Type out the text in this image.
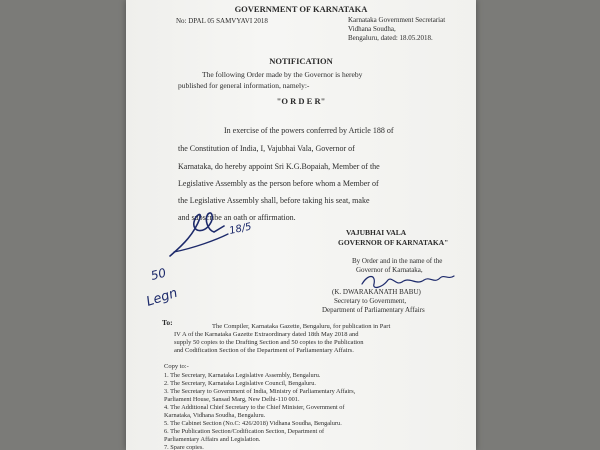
GOVERNMENT OF KARNATAKA
No: DPAL 05 SAMVYAVI 2018	Karnataka Government Secretariat
Vidhana Soudha,
Bengaluru, dated: 18.05.2018.
NOTIFICATION
The following Order made by the Governor is hereby
published for general information, namely:-
"O R D E R"
In exercise of the powers conferred by Article 188 of
the Constitution of India, I, Vajubhai Vala, Governor of
Karnataka, do hereby appoint Sri K.G.Bopaiah, Member of the
Legislative Assembly as the person before whom a Member of
the Legislative Assembly shall, before taking his seat, make
and subscribe an oath or affirmation.
VAJUBHAI VALA
GOVERNOR OF KARNATAKA"
By Order and in the name of the
Governor of Karnataka,
(K. DWARAKANATH BABU)
Secretary to Government,
Department of Parliamentary Affairs
To:	The Compiler, Karnataka Gazette, Bengaluru, for publication in Part
IV A of the Karnataka Gazette Extraordinary dated 18th May 2018 and
supply 50 copies to the Drafting Section and 50 copies to the Publication
and Codification Section of the Department of Parliamentary Affairs.
Copy to:-
1. The Secretary, Karnataka Legislative Assembly, Bengaluru.
2. The Secretary, Karnataka Legislative Council, Bengaluru.
3. The Secretary to Government of India, Ministry of Parliamentary Affairs,
Parliament House, Sansad Marg, New Delhi-110 001.
4. The Additional Chief Secretary to the Chief Minister, Government of
Karnataka, Vidhana Soudha, Bengaluru.
5. The Cabinet Section (No.C: 426/2018) Vidhana Soudha, Bengaluru.
6. The Publication Section/Codification Section, Department of
Parliamentary Affairs and Legislation.
7. Spare copies.
18/5
50
Legn
